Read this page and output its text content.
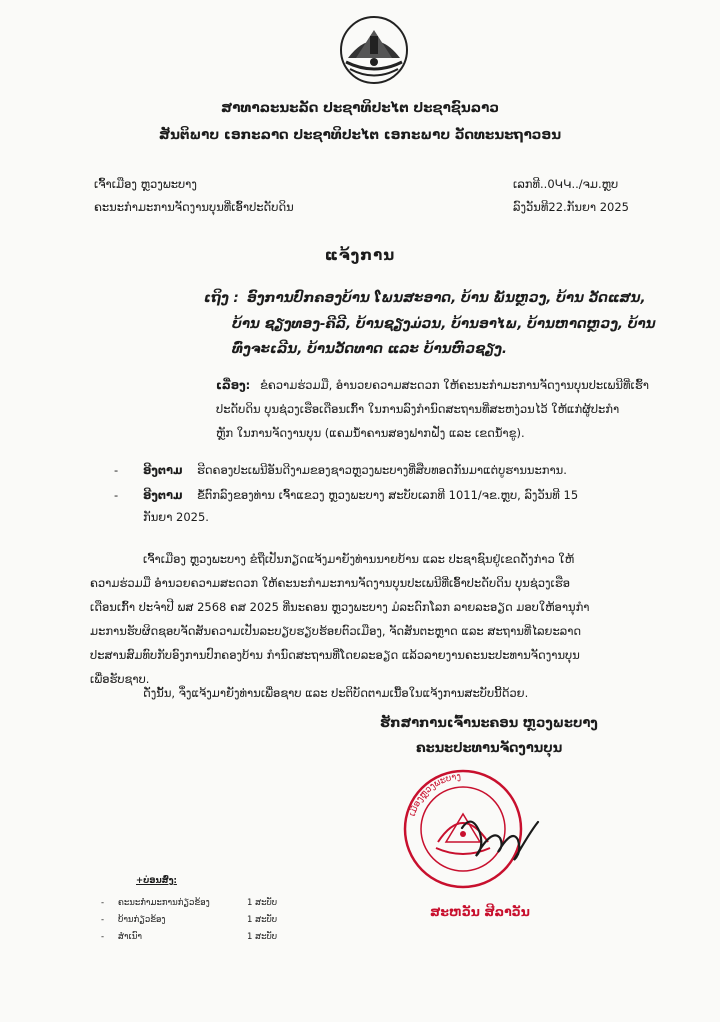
ສາທາລະນະລັດ ປະຊາທິປະໄຕ ປະຊາຊົນລາວ
ສັນຕິພາບ ເອກະລາດ ປະຊາທິປະໄຕ ເອກະພາບ ວັດທະນະຖາວອນ
ເຈົ້າເມືອງ ຫຼວງພະບາງ
ຄະນະກຳມະການຈັດງານບຸນທີ່ເອົ້າປະດັບດິນ
ເລກທີ..0ԿԿ../ຈມ.ຫຼບ
ລົງວັນທີ22.ກັນຍາ 2025
ແຈ້ງການ
ເຖິງ : ອົງການປົກຄອງບ້ານ ໂພນສະອາດ, ບ້ານ ພັນຫຼວງ, ບ້ານ ວັດແສນ,
ບ້ານ ຊຽງທອງ-ຄີລີ, ບ້ານຊຽງມ່ວນ, ບ້ານອາໄພ, ບ້ານຫາດຫຼວງ, ບ້ານ
ທົ່ງຈະເລີນ, ບ້ານວັດທາດ ແລະ ບ້ານຫົວຊຽງ.
ເລື່ອງ: ຂໍຄວາມຮ່ວມມື, ອຳນວຍຄວາມສະດວກ ໃຫ້ຄະນະກຳມະການຈັດງານບຸນປະເພນີທີ່ເຮົ້າ
ປະດັບດິນ ບຸນຊ່ວງເຮືອເດືອນເກົ້າ ໃນການລົງກຳນົດສະຖານທີ່ສະຫງ່ວນໄວ້ ໃຫ້ແກ່ຜູ້ປະກຳ
ຫຼັກ ໃນການຈັດງານບຸນ (ແຄມນ້ຳຄານສອງຟາກຝັ່ງ ແລະ ເຂດນ້ຳຂູ).
- ອີງຕາມ ຮີດຄອງປະເພນີອັນດີງາມຂອງຊາວຫຼວງພະບາງທີ່ສືບທອດກັນມາແຕ່ບູຮານນະການ.
- ອີງຕາມ ຂໍ້ຕົກລົງຂອງທ່ານ ເຈົ້າແຂວງ ຫຼວງພະບາງ ສະບັບເລກທີ 1011/ຈຂ.ຫຼບ, ລົງວັນທີ 15
ກັນຍາ 2025.
ເຈົ້າເມືອງ ຫຼວງພະບາງ ຂໍຖືເປັນກຽດແຈ້ງມາຍັງທ່ານນາຍບ້ານ ແລະ ປະຊາຊົນຢູ່ເຂດດັ່ງກ່າວ ໃຫ້
ຄວາມຮ່ວມມື ອຳນວຍຄວາມສະດວກ ໃຫ້ຄະນະກຳມະການຈັດງານບຸນປະເພນີທີ່ເອົ້າປະດັບດິນ ບຸນຊ່ວງເຮືອ
ເດືອນເກົ້າ ປະຈຳປີ ພສ 2568 ຄສ 2025 ທີ່ນະຄອນ ຫຼວງພະບາງ ມໍລະດົກໂລກ ລາຍລະອຽດ ມອບໃຫ້ອານຸກຳ
ມະການຮັບຜິດຊອບຈັດສັນຄວາມເປັນລະບຽບຮຽບຮ້ອຍຕົວເມືອງ, ຈັດສັນຕະຫຼາດ ແລະ ສະຖານທີ່ໄລຍະລາດ
ປະສານສົມທົບກັບອົງການປົກຄອງບ້ານ ກຳນົດສະຖານທີ່ໂດຍລະອຽດ ແລ້ວລາຍງານຄະນະປະທານຈັດງານບຸນ
ເພື່ອຮັບຊາບ.
ດັ່ງນັ້ນ, ຈຶ່ງແຈ້ງມາຍັງທ່ານເພື່ອຊາບ ແລະ ປະຕິບັດຕາມເນື້ອໃນແຈ້ງການສະບັບນີ້ດ້ວຍ.
ຮັກສາການເຈົ້ານະຄອນ ຫຼວງພະບາງ
ຄະນະປະທານຈັດງານບຸນ
ເມືອງຫຼວງພະບາງ
ສະຫວັນ ສີລາວັນ
+ບ່ອນສົ່ງ:
- ຄະນະກຳມະການກ່ຽວຂ້ອງ	1 ສະບັບ
- ບ້ານກ່ຽວຂ້ອງ	1 ສະບັບ
- ສຳເນົາ	1 ສະບັບ
